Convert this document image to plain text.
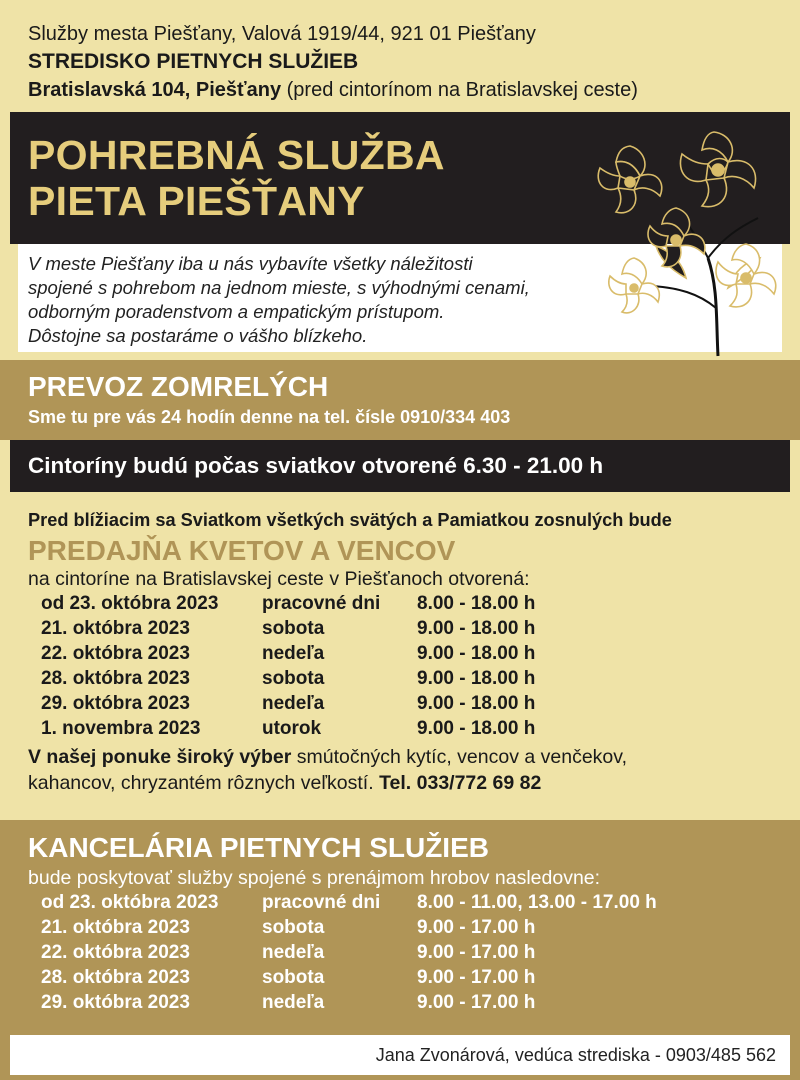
Služby mesta Piešťany, Valová 1919/44, 921 01 Piešťany
STREDISKO PIETNYCH SLUŽIEB
Bratislavská 104, Piešťany (pred cintorínom na Bratislavskej ceste)
POHREBNÁ SLUŽBA
PIETA PIEŠŤANY
V meste Piešťany iba u nás vybavíte všetky náležitosti
spojené s pohrebom na jednom mieste, s výhodnými cenami,
odborným poradenstvom a empatickým prístupom.
Dôstojne sa postaráme o vášho blízkeho.
PREVOZ ZOMRELÝCH
Sme tu pre vás 24 hodín denne na tel. čísle 0910/334 403
Cintoríny budú počas sviatkov otvorené 6.30 - 21.00 h
Pred blížiacim sa Sviatkom všetkých svätých a Pamiatkou zosnulých bude
PREDAJŇA KVETOV A VENCOV
na cintoríne na Bratislavskej ceste v Piešťanoch otvorená:
od 23. októbra 2023	pracovné dni	8.00 - 18.00 h
21. októbra 2023	sobota	9.00 - 18.00 h
22. októbra 2023	nedeľa	9.00 - 18.00 h
28. októbra 2023	sobota	9.00 - 18.00 h
29. októbra 2023	nedeľa	9.00 - 18.00 h
1. novembra 2023	utorok	9.00 - 18.00 h
V našej ponuke široký výber smútočných kytíc, vencov a venčekov,
kahancov, chryzantém rôznych veľkostí. Tel. 033/772 69 82
KANCELÁRIA PIETNYCH SLUŽIEB
bude poskytovať služby spojené s prenájmom hrobov nasledovne:
od 23. októbra 2023	pracovné dni	8.00 - 11.00, 13.00 - 17.00 h
21. októbra 2023	sobota	9.00 - 17.00 h
22. októbra 2023	nedeľa	9.00 - 17.00 h
28. októbra 2023	sobota	9.00 - 17.00 h
29. októbra 2023	nedeľa	9.00 - 17.00 h
Jana Zvonárová, vedúca strediska - 0903/485 562
